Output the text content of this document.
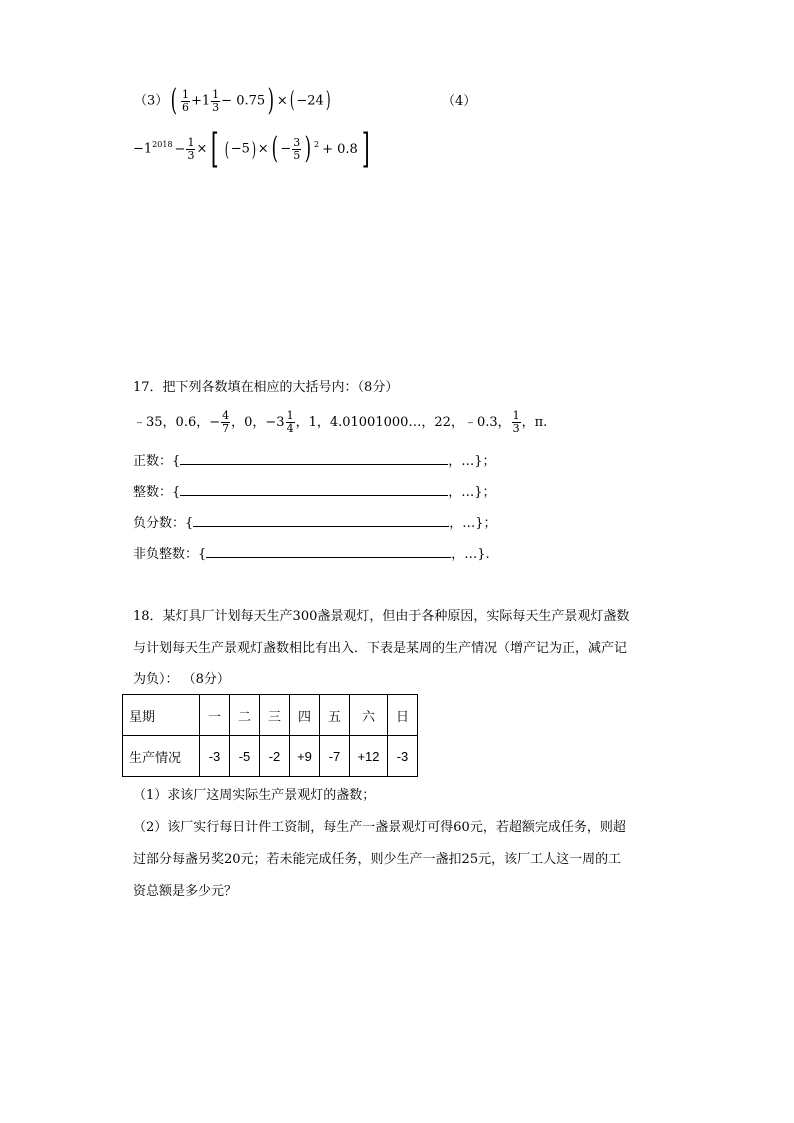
$(3)( \frac{1}{6} +1 \frac{1}{3} - 0.75)$ ×( −24)	（4）
$-1^{2018} - \frac{1}{3}$ ×[ ( −5) ×( − $\frac{3}{5}$ ) $^2$ + 0.8]
17．把下列各数填在相应的大括号内：（8分）
﹣35，0.6，− $\frac{4}{7}$ ，0，$-3 \frac{1}{4}$ ，1，4.01001000…，22，﹣0.3， $\frac{1}{3}$ ，π.
正数：{	，…}；
整数：{	，…}；
负分数：{	，…}；
非负整数：{	，…}.
18．某灯具厂计划每天生产300盏景观灯，但由于各种原因，实际每天生产景观灯盏数
与计划每天生产景观灯盏数相比有出入．下表是某周的生产情况（增产记为正，减产记
为负）： （8分）
星期	一	二	三	四	五	六	日
生产情况	-3	-5	-2	+9	-7	+12	-3
（1）求该厂这周实际生产景观灯的盏数；
（2）该厂实行每日计件工资制，每生产一盏景观灯可得60元，若超额完成任务，则超
过部分每盏另奖20元；若未能完成任务，则少生产一盏扣25元，该厂工人这一周的工
资总额是多少元？
